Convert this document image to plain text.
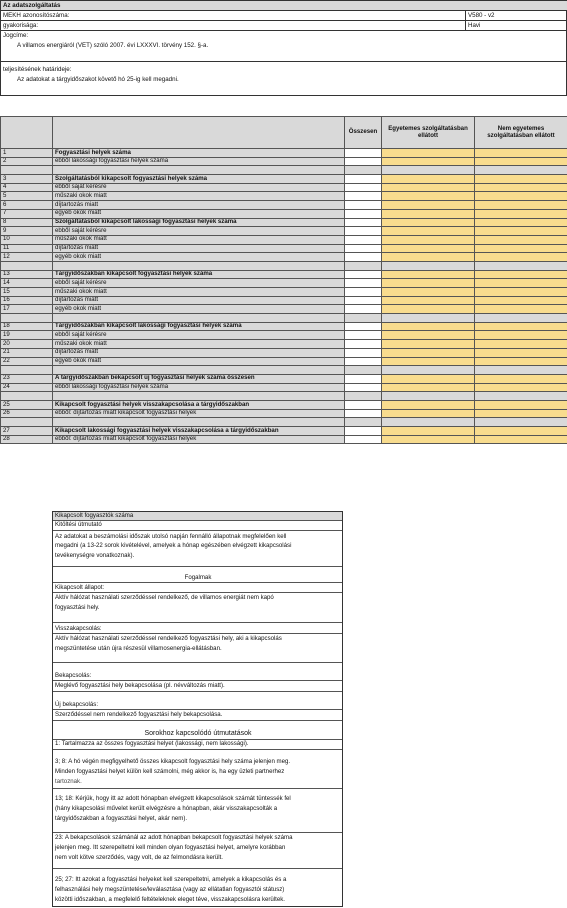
Az adatszolgáltatás
MEKH azonosítószáma:	V580 - v2
gyakorisága:	Havi
Jogcíme:
A villamos energiáról (VET) szóló 2007. évi LXXXVI. törvény 152. §-a.
teljesítésének határideje:
Az adatokat a tárgyidőszakot követő hó 25-ig kell megadni.
		Összesen	Egyetemes szolgáltatásban ellátott	Nem egyetemes szolgáltatásban ellátott
1	Fogyasztási helyek száma			
2	ebből lakossági fogyasztási helyek száma			

3	Szolgáltatásból kikapcsolt fogyasztási helyek száma			
4	ebből saját kérésre			
5	műszaki okok miatt			
6	díjtartozás miatt			
7	egyéb okok miatt			
8	Szolgáltatásból kikapcsolt lakossági fogyasztási helyek száma			
9	ebből saját kérésre			
10	műszaki okok miatt			
11	díjtartozás miatt			
12	egyéb okok miatt			

13	Tárgyidőszakban kikapcsolt fogyasztási helyek száma			
14	ebből saját kérésre			
15	műszaki okok miatt			
16	díjtartozás miatt			
17	egyéb okok miatt			

18	Tárgyidőszakban kikapcsolt lakossági fogyasztási helyek száma			
19	ebből saját kérésre			
20	műszaki okok miatt			
21	díjtartozás miatt			
22	egyéb okok miatt			

23	A tárgyidőszakban bekapcsolt új fogyasztási helyek száma összesen			
24	ebből lakossági fogyasztási helyek száma			

25	Kikapcsolt fogyasztási helyek visszakapcsolása a tárgyidőszakban			
26	ebből: díjtartozás miatt kikapcsolt fogyasztási helyek			

27	Kikapcsolt lakossági fogyasztási helyek visszakapcsolása a tárgyidőszakban			
28	ebből: díjtartozás miatt kikapcsolt fogyasztási helyek			
Kikapcsolt fogyasztók száma
Kitöltési útmutató
Az adatokat a beszámolási időszak utolsó napján fennálló állapotnak megfelelően kell
megadni (a 13-22 sorok kivételével, amelyek a hónap egészében elvégzett kikapcsolási
tevékenységre vonatkoznak).
Fogalmak
Kikapcsolt állapot:
Aktív hálózat használati szerződéssel rendelkező, de villamos energiát nem kapó
fogyasztási hely.
Visszakapcsolás:
Aktív hálózat használati szerződéssel rendelkező fogyasztási hely, aki a kikapcsolás
megszüntetése után újra részesül villamosenergia-ellátásban.
Bekapcsolás:
Meglévő fogyasztási hely bekapcsolása (pl. névváltozás miatt).
Új bekapcsolás:
Szerződéssel nem rendelkező fogyasztási hely bekapcsolása.
Sorokhoz kapcsolódó útmutatások
1: Tartalmazza az összes fogyasztási helyet (lakossági, nem lakossági).
3; 8: A hó végén megfigyelhető összes kikapcsolt fogyasztási hely száma jelenjen meg.
Minden fogyasztási helyet külön kell számolni, még akkor is, ha egy üzleti partnerhez
tartoznak.
13; 18: Kérjük, hogy itt az adott hónapban elvégzett kikapcsolások számát tüntessék fel
(hány kikapcsolási művelet került elvégzésre a hónapban, akár visszakapcsolták a
tárgyidőszakban a fogyasztási helyet, akár nem).
23: A bekapcsolások számánál az adott hónapban bekapcsolt fogyasztási helyek száma
jelenjen meg. Itt szerepeltetni kell minden olyan fogyasztási helyet, amelyre korábban
nem volt kötve szerződés, vagy volt, de az felmondásra került.
25; 27: Itt azokat a fogyasztási helyeket kell szerepeltetni, amelyek a kikapcsolás és a
felhasználási hely megszüntetése/leválasztása (vagy az ellátatlan fogyasztói státusz)
közötti időszakban, a megfelelő feltételeknek eleget téve, visszakapcsolásra kerültek.
